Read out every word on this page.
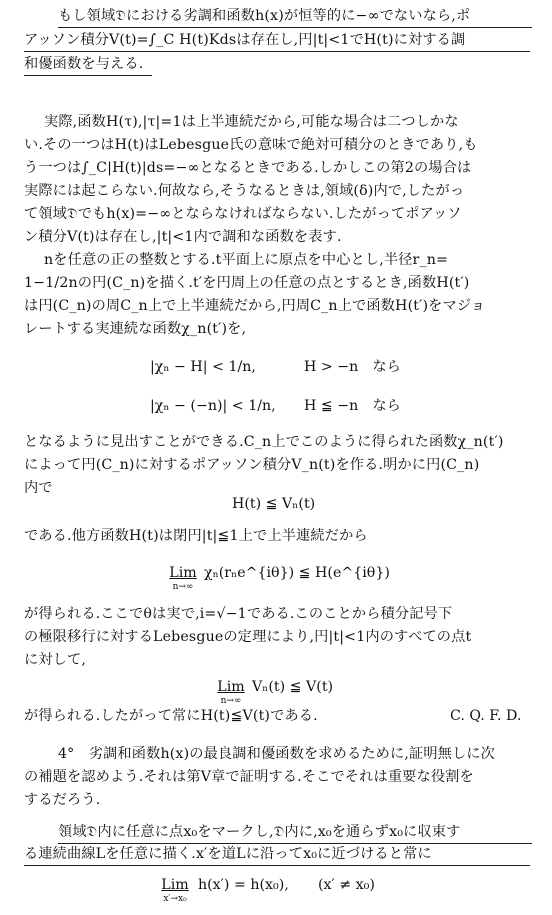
もし領域𝔇における劣調和函数h(x)が恒等的に−∞でないなら,ポ
アッソン積分V(t)=∫_C H(t)Kdsは存在し,円|t|<1でH(t)に対する調
和優函数を与える.
実際,函数H(τ),|τ|=1は上半連続だから,可能な場合は二つしかな
い.その一つはH(t)はLebesgue氏の意味で絶対可積分のときであり,も
う一つは∫_C|H(t)|ds=−∞となるときである.しかしこの第2の場合は
実際には起こらない.何故なら,そうなるときは,領域(δ)内で,したがっ
て領域𝔇でもh(x)=−∞とならなければならない.したがってポアッソ
ン積分V(t)は存在し,|t|<1内で調和な函数を表す.
nを任意の正の整数とする.t平面上に原点を中心とし,半径r_n=
1−1/2nの円(C_n)を描く.t′を円周上の任意の点とするとき,函数H(t′)
は円(C_n)の周C_n上で上半連続だから,円周C_n上で函数H(t′)をマジョ
レートする実連続な函数χ_n(t′)を,
|χₙ − H| < 1/n,	H > −n　なら
|χₙ − (−n)| < 1/n, H ≦ −n　なら
となるように見出すことができる.C_n上でこのように得られた函数χ_n(t′)
によって円(C_n)に対するポアッソン積分V_n(t)を作る.明かに円(C_n)
内で
H(t) ≦ Vₙ(t)
である.他方函数H(t)は閉円|t|≦1上で上半連続だから
Lim
n→∞
χₙ(rₙe^{iθ}) ≦ H(e^{iθ})
が得られる.ここでθは実で,i=√−1である.このことから積分記号下
の極限移行に対するLebesgueの定理により,円|t|<1内のすべての点t
に対して,
Lim
n→∞
Vₙ(t) ≦ V(t)
が得られる.したがって常にH(t)≦V(t)である.	C. Q. F. D.
4°　劣調和函数h(x)の最良調和優函数を求めるために,証明無しに次
の補題を認めよう.それは第V章で証明する.そこでそれは重要な役割を
するだろう.
領域𝔇内に任意に点x₀をマークし,𝔇内に,x₀を通らずx₀に収束す
る連続曲線Lを任意に描く.x′を道Lに沿ってx₀に近づけると常に
Lim
x′→x₀
h(x′) = h(x₀), (x′ ≠ x₀)
